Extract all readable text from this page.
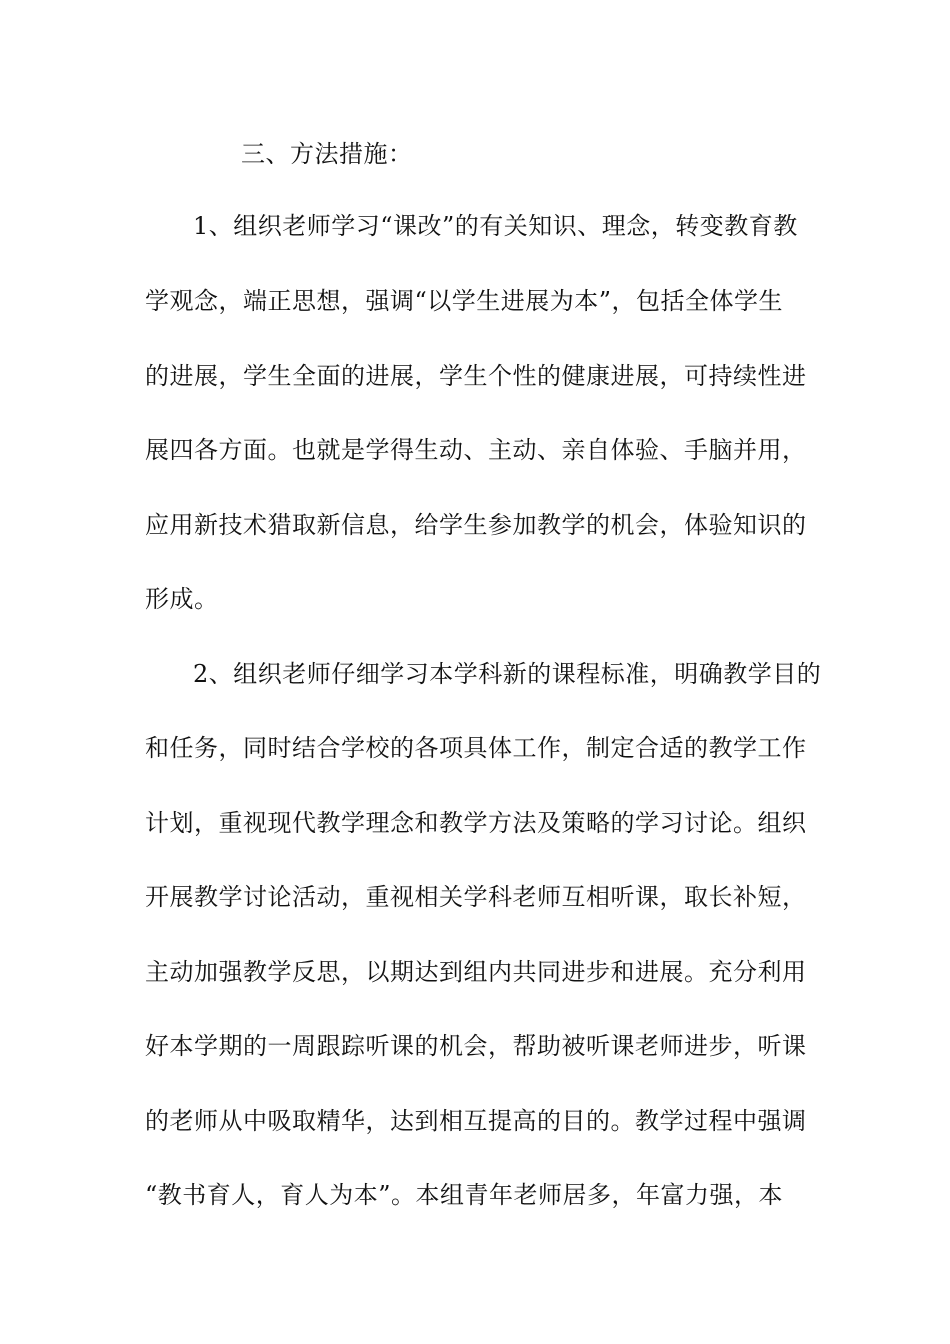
三、方法措施：
1、组织老师学习“课改”的有关知识、理念，转变教育教
学观念，端正思想，强调“以学生进展为本”，包括全体学生
的进展，学生全面的进展，学生个性的健康进展，可持续性进
展四各方面。也就是学得生动、主动、亲自体验、手脑并用，
应用新技术猎取新信息，给学生参加教学的机会，体验知识的
形成。
2、组织老师仔细学习本学科新的课程标准，明确教学目的
和任务，同时结合学校的各项具体工作，制定合适的教学工作
计划，重视现代教学理念和教学方法及策略的学习讨论。组织
开展教学讨论活动，重视相关学科老师互相听课，取长补短，
主动加强教学反思，以期达到组内共同进步和进展。充分利用
好本学期的一周跟踪听课的机会，帮助被听课老师进步，听课
的老师从中吸取精华，达到相互提高的目的。教学过程中强调
“教书育人，育人为本”。本组青年老师居多，年富力强，本
